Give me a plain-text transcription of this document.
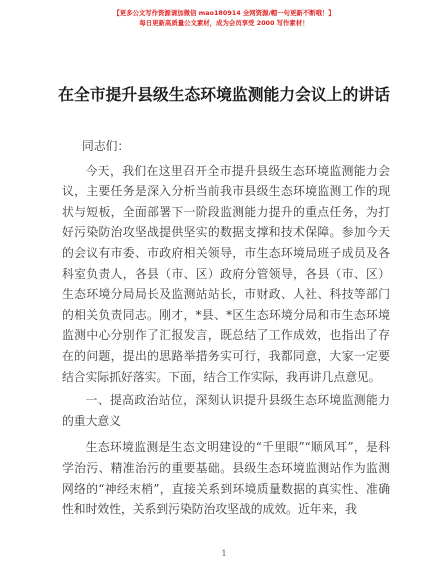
【更多公文写作资源请加微信 mao180914 全网资源/帽一句更新不断哦！】
每日更新高质量公文素材，成为会员享受 2000 写作素材！
在全市提升县级生态环境监测能力会议上的讲话

同志们：

今天，我们在这里召开全市提升县级生态环境监测能力会议，主要任务是深入分析当前我市县级生态环境监测工作的现状与短板，全面部署下一阶段监测能力提升的重点任务，为打好污染防治攻坚战提供坚实的数据支撑和技术保障。参加今天的会议有市委、市政府相关领导，市生态环境局班子成员及各科室负责人，各县（市、区）政府分管领导，各县（市、区）生态环境分局局长及监测站站长，市财政、人社、科技等部门的相关负责同志。刚才，*县、*区生态环境分局和市生态环境监测中心分别作了汇报发言，既总结了工作成效，也指出了存在的问题，提出的思路举措务实可行，我都同意，大家一定要结合实际抓好落实。下面，结合工作实际，我再讲几点意见。

一、提高政治站位，深刻认识提升县级生态环境监测能力的重大意义

生态环境监测是生态文明建设的“千里眼”“顺风耳”，是科学治污、精准治污的重要基础。县级生态环境监测站作为监测网络的“神经末梢”，直接关系到环境质量数据的真实性、准确性和时效性，关系到污染防治攻坚战的成效。近年来，我

1
